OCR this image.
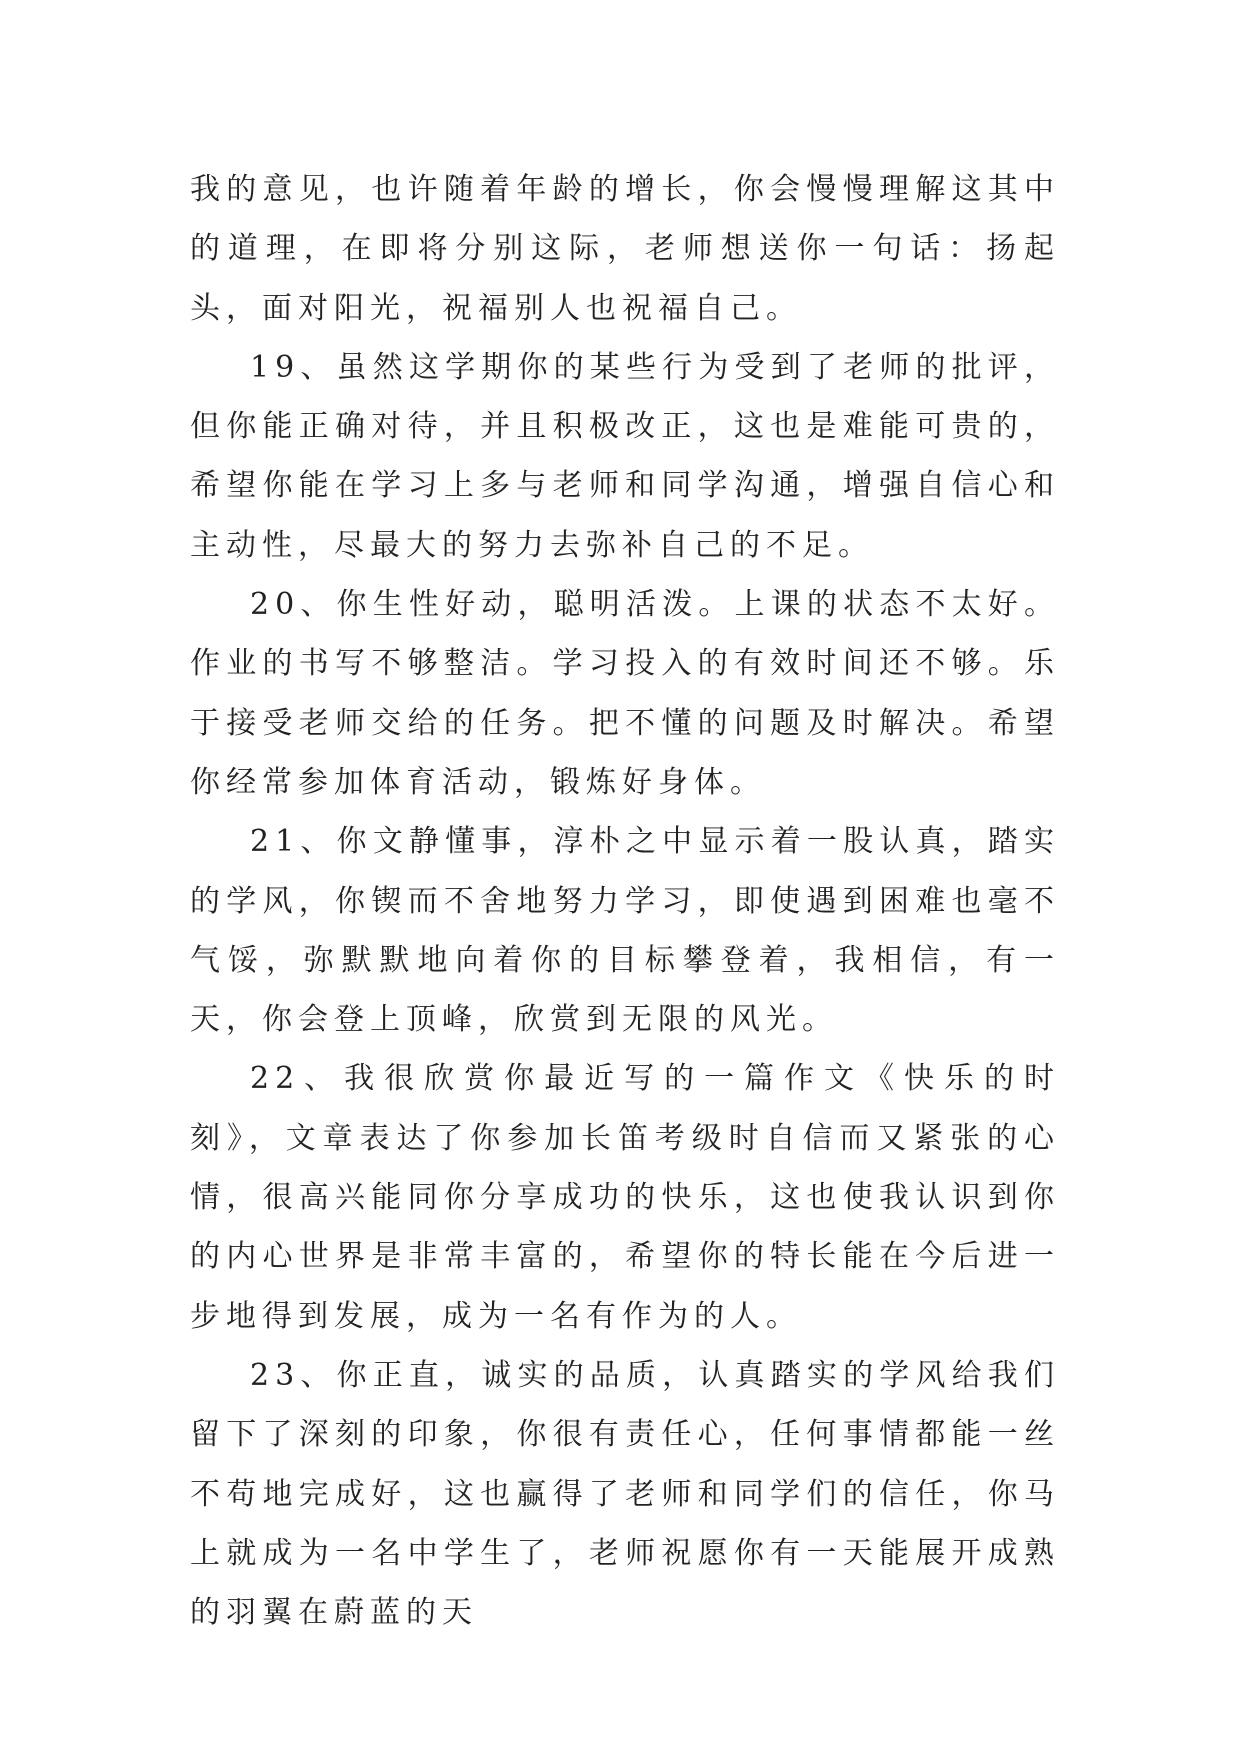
我的意见，也许随着年龄的增长，你会慢慢理解这其中的道理，在即将分别这际，老师想送你一句话：扬起头，面对阳光，祝福别人也祝福自己。

19、虽然这学期你的某些行为受到了老师的批评，但你能正确对待，并且积极改正，这也是难能可贵的，希望你能在学习上多与老师和同学沟通，增强自信心和主动性，尽最大的努力去弥补自己的不足。

20、你生性好动，聪明活泼。上课的状态不太好。作业的书写不够整洁。学习投入的有效时间还不够。乐于接受老师交给的任务。把不懂的问题及时解决。希望你经常参加体育活动，锻炼好身体。

21、你文静懂事，淳朴之中显示着一股认真，踏实的学风，你锲而不舍地努力学习，即使遇到困难也毫不气馁，弥默默地向着你的目标攀登着，我相信，有一天，你会登上顶峰，欣赏到无限的风光。

22、我很欣赏你最近写的一篇作文《快乐的时刻》，文章表达了你参加长笛考级时自信而又紧张的心情，很高兴能同你分享成功的快乐，这也使我认识到你的内心世界是非常丰富的，希望你的特长能在今后进一步地得到发展，成为一名有作为的人。

23、你正直，诚实的品质，认真踏实的学风给我们留下了深刻的印象，你很有责任心，任何事情都能一丝不苟地完成好，这也赢得了老师和同学们的信任，你马上就成为一名中学生了，老师祝愿你有一天能展开成熟的羽翼在蔚蓝的天
